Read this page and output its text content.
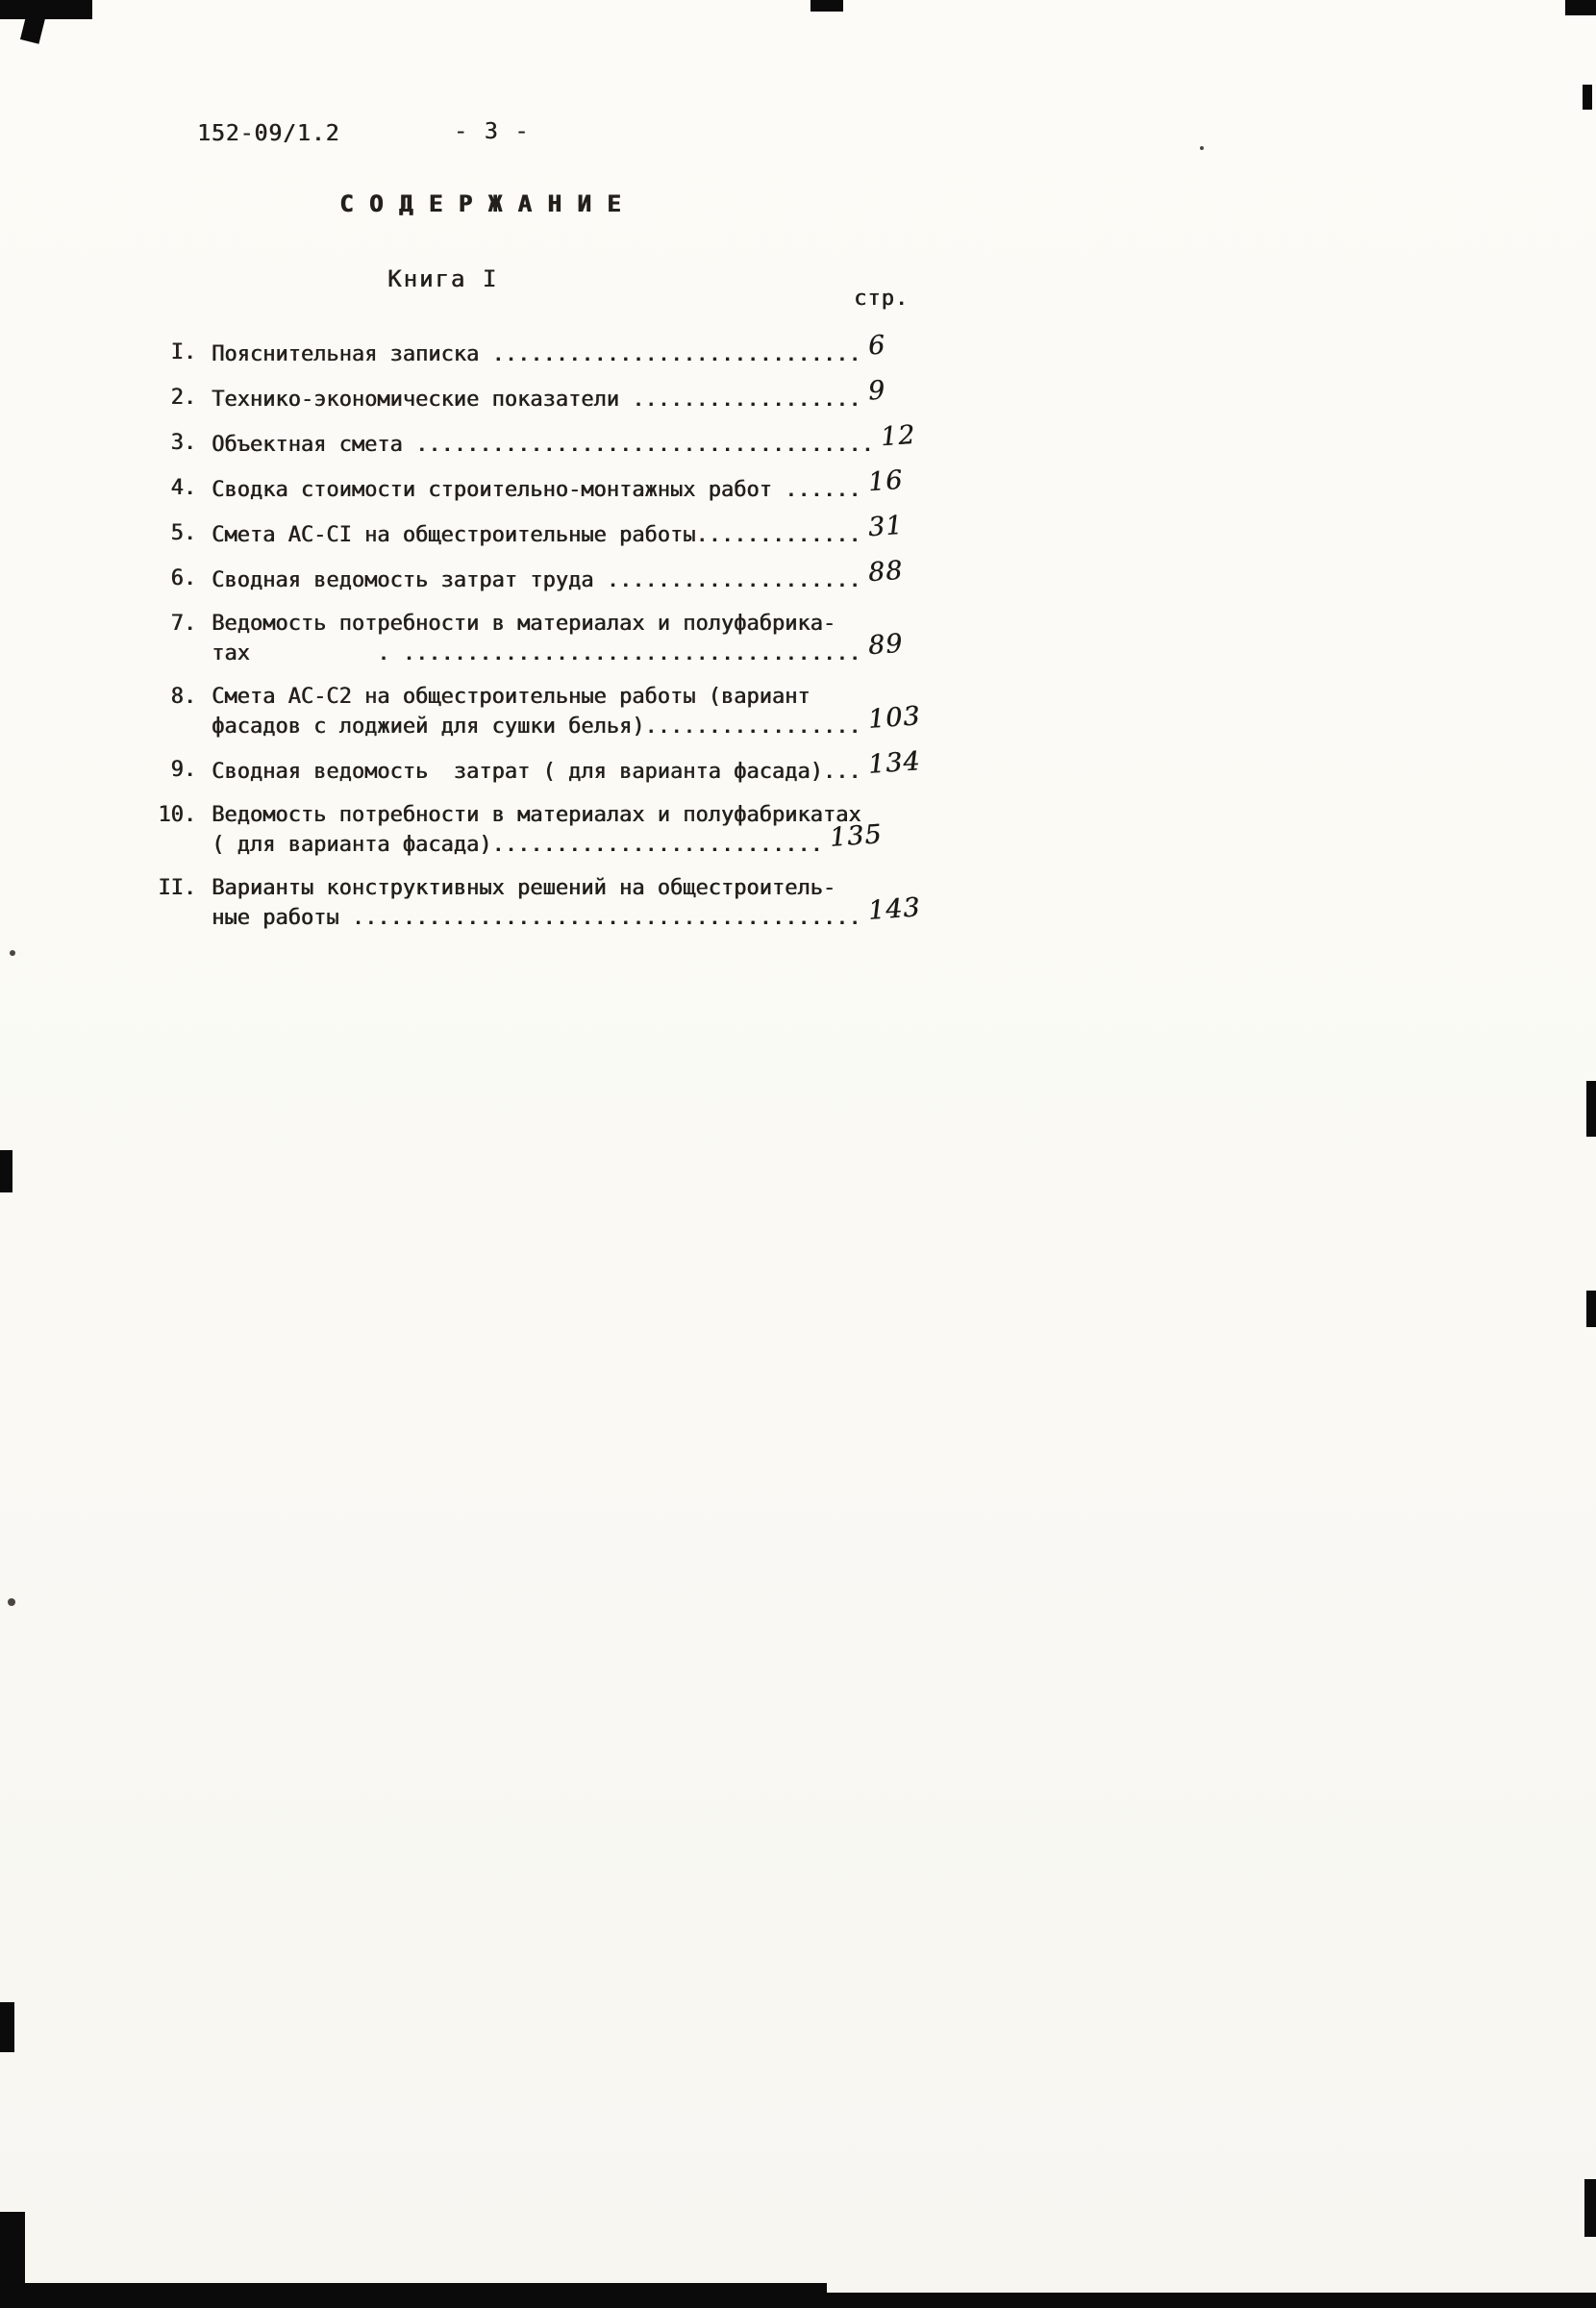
152-09/1.2	- 3 -
С О Д Е Р Ж А Н И Е
Книга I
стр.
I. Пояснительная записка ............................. 6
2. Технико-экономические показатели .................. 9
3. Объектная смета .................................... 12
4. Сводка стоимости строительно-монтажных работ ...... 16
5. Смета АС-СI на общестроительные работы............. 31
6. Сводная ведомость затрат труда .................... 88
7. Ведомость потребности в материалах и полуфабрика-
тах          . .................................... 89
8. Смета АС-С2 на общестроительные работы (вариант
фасадов с лоджией для сушки белья)................. 103
9. Сводная ведомость  затрат ( для варианта фасада)... 134
10. Ведомость потребности в материалах и полуфабрикатах
( для варианта фасада).......................... 135
II. Варианты конструктивных решений на общестроитель-
ные работы ........................................ 143
